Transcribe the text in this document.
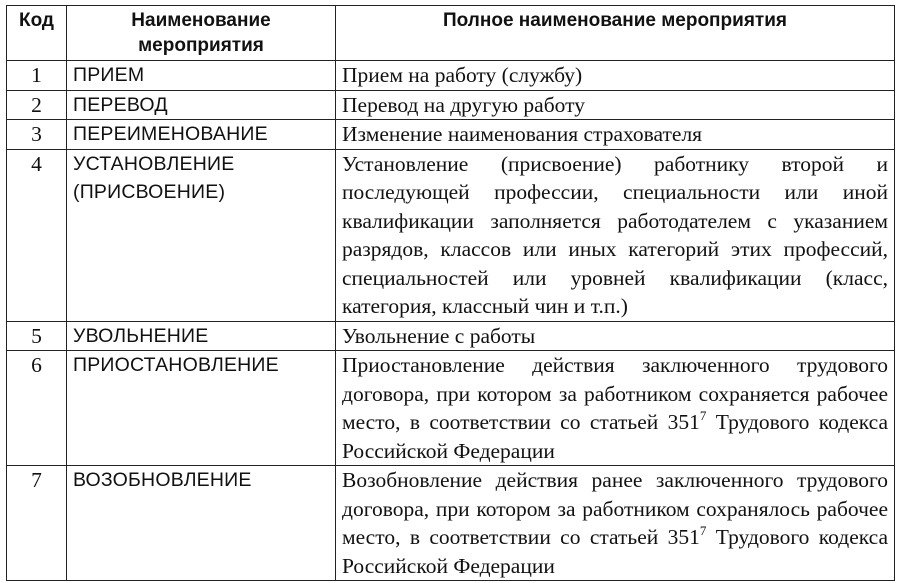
Код	Наименование мероприятия	Полное наименование мероприятия
1	ПРИЕМ	Прием на работу (службу)
2	ПЕРЕВОД	Перевод на другую работу
3	ПЕРЕИМЕНОВАНИЕ	Изменение наименования страхователя
4	УСТАНОВЛЕНИЕ (ПРИСВОЕНИЕ)	Установление (присвоение) работнику второй и последующей профессии, специальности или иной квалификации заполняется работодателем с указанием разрядов, классов или иных категорий этих профессий, специальностей или уровней квалификации (класс, категория, классный чин и т.п.)
5	УВОЛЬНЕНИЕ	Увольнение с работы
6	ПРИОСТАНОВЛЕНИЕ	Приостановление действия заключенного трудового договора, при котором за работником сохраняется рабочее место, в соответствии со статьей $351^7$ Трудового кодекса Российской Федерации
7	ВОЗОБНОВЛЕНИЕ	Возобновление действия ранее заключенного трудового договора, при котором за работником сохранялось рабочее место, в соответствии со статьей $351^7$ Трудового кодекса Российской Федерации
